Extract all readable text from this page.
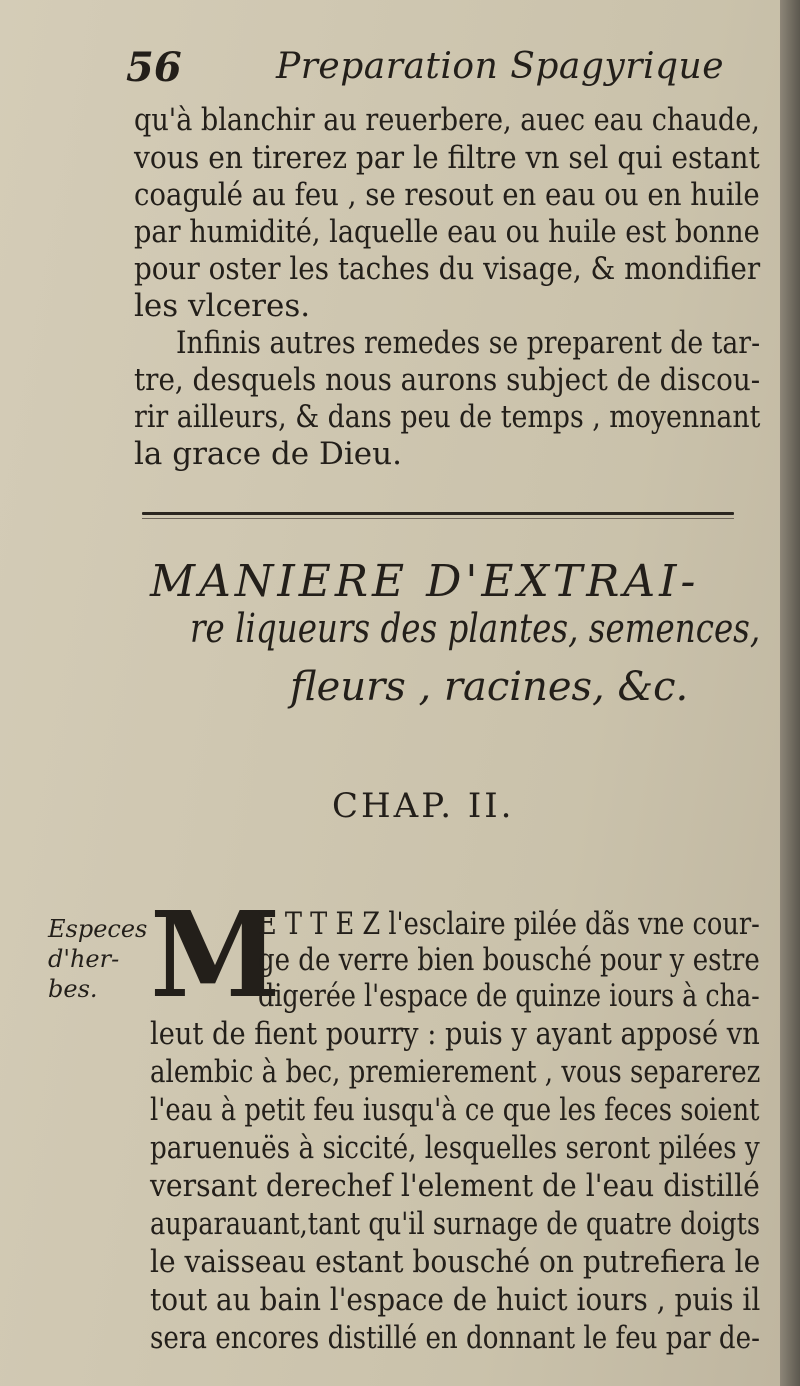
56	Preparation Spagyrique
qu'à blanchir au reuerbere, auec eau chaude,
vous en tirerez par le filtre vn sel qui estant
coagulé au feu , se resout en eau ou en huile
par humidité, laquelle eau ou huile est bonne
pour oster les taches du visage, & mondifier
les vlceres.
Infinis autres remedes se preparent de tar-
tre, desquels nous aurons subject de discou-
rir ailleurs, & dans peu de temps , moyennant
la grace de Dieu.
MANIERE D'EXTRAI-
re liqueurs des plantes, semences,
fleurs , racines, &c.
CHAP. II.
Especes
d'her-
bes. M
E T T E Z l'esclaire pilée dãs vne cour-
ge de verre bien bousché pour y estre
digerée l'espace de quinze iours à cha-
leut de fient pourry : puis y ayant apposé vn
alembic à bec, premierement , vous separerez
l'eau à petit feu iusqu'à ce que les feces soient
paruenuës à siccité, lesquelles seront pilées y
versant derechef l'element de l'eau distillé
auparauant,tant qu'il surnage de quatre doigts
le vaisseau estant bousché on putrefiera le
tout au bain l'espace de huict iours , puis il
sera encores distillé en donnant le feu par de-
